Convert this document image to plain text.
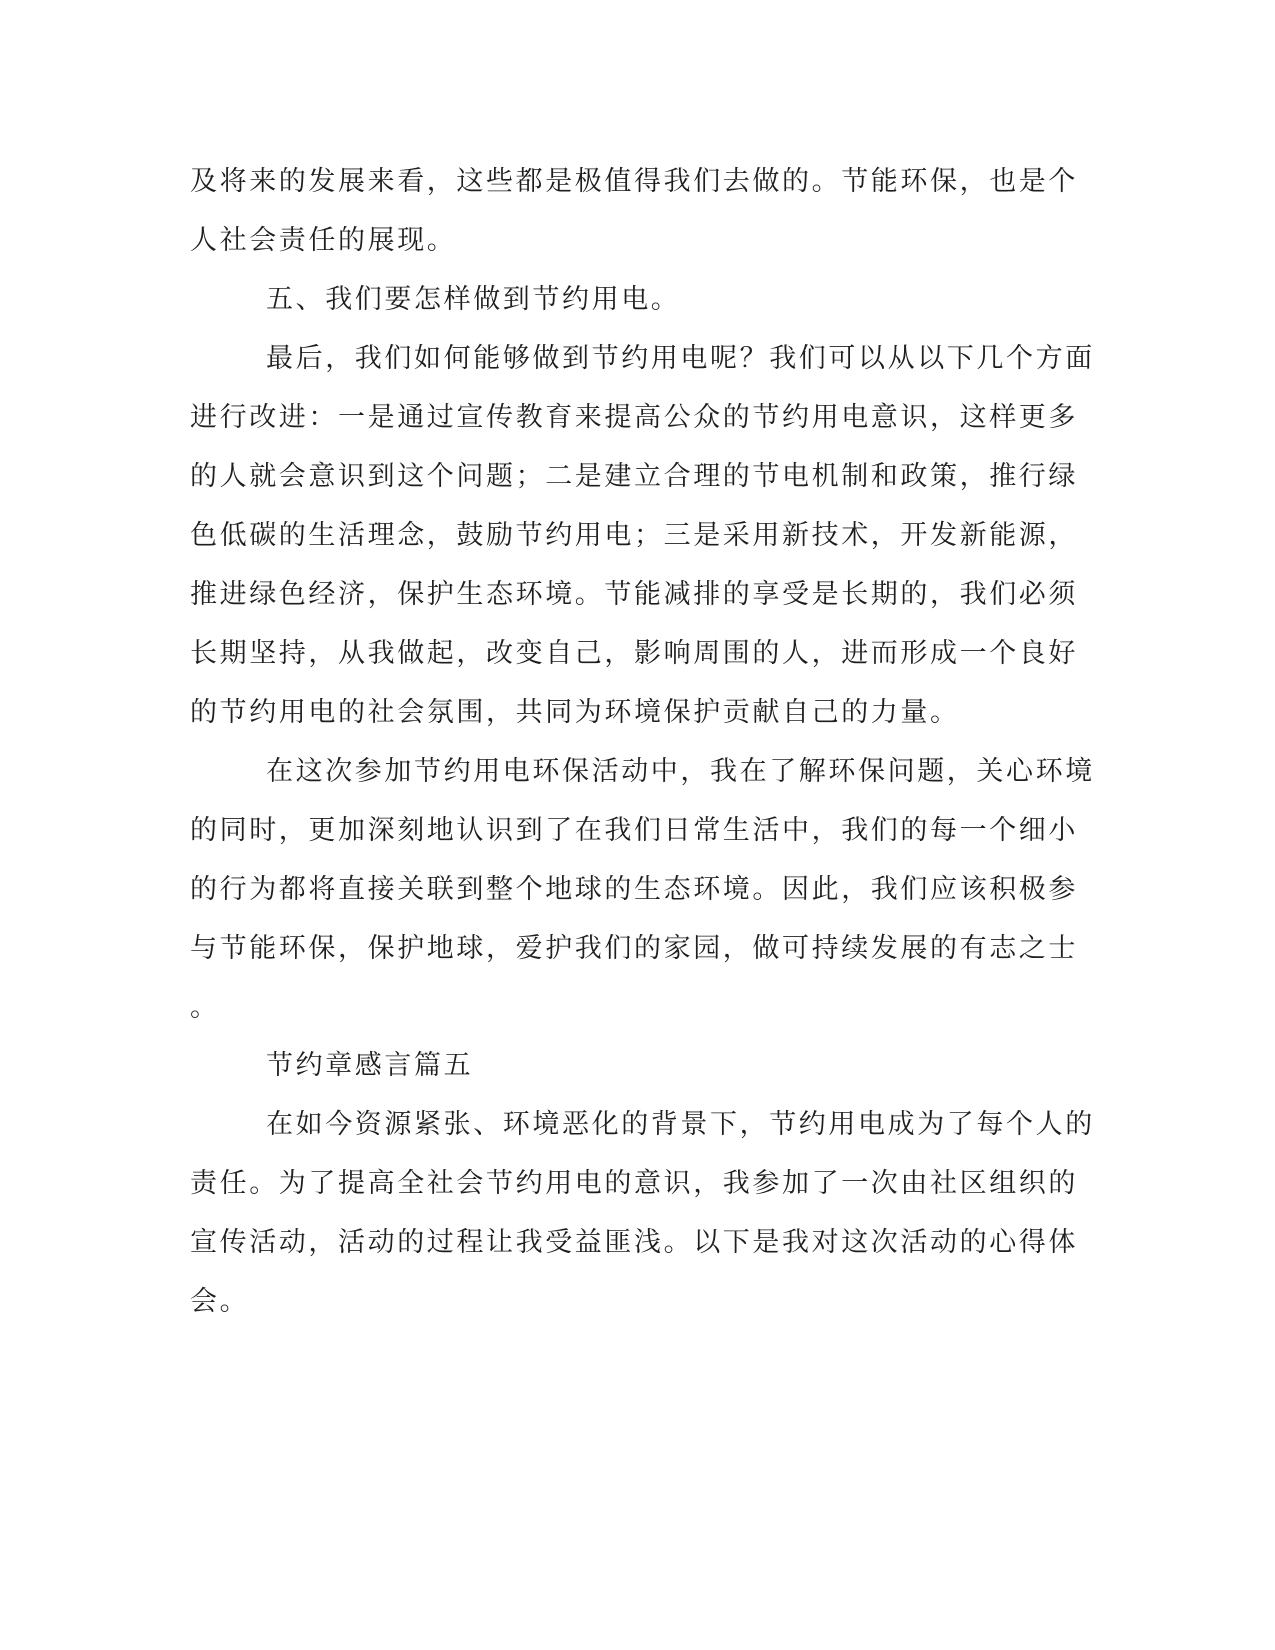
及将来的发展来看，这些都是极值得我们去做的。节能环保，也是个

人社会责任的展现。

五、我们要怎样做到节约用电。

最后，我们如何能够做到节约用电呢？我们可以从以下几个方面

进行改进：一是通过宣传教育来提高公众的节约用电意识，这样更多

的人就会意识到这个问题；二是建立合理的节电机制和政策，推行绿

色低碳的生活理念，鼓励节约用电；三是采用新技术，开发新能源，

推进绿色经济，保护生态环境。节能减排的享受是长期的，我们必须

长期坚持，从我做起，改变自己，影响周围的人，进而形成一个良好

的节约用电的社会氛围，共同为环境保护贡献自己的力量。

在这次参加节约用电环保活动中，我在了解环保问题，关心环境

的同时，更加深刻地认识到了在我们日常生活中，我们的每一个细小

的行为都将直接关联到整个地球的生态环境。因此，我们应该积极参

与节能环保，保护地球，爱护我们的家园，做可持续发展的有志之士

。

节约章感言篇五

在如今资源紧张、环境恶化的背景下，节约用电成为了每个人的

责任。为了提高全社会节约用电的意识，我参加了一次由社区组织的

宣传活动，活动的过程让我受益匪浅。以下是我对这次活动的心得体

会。
